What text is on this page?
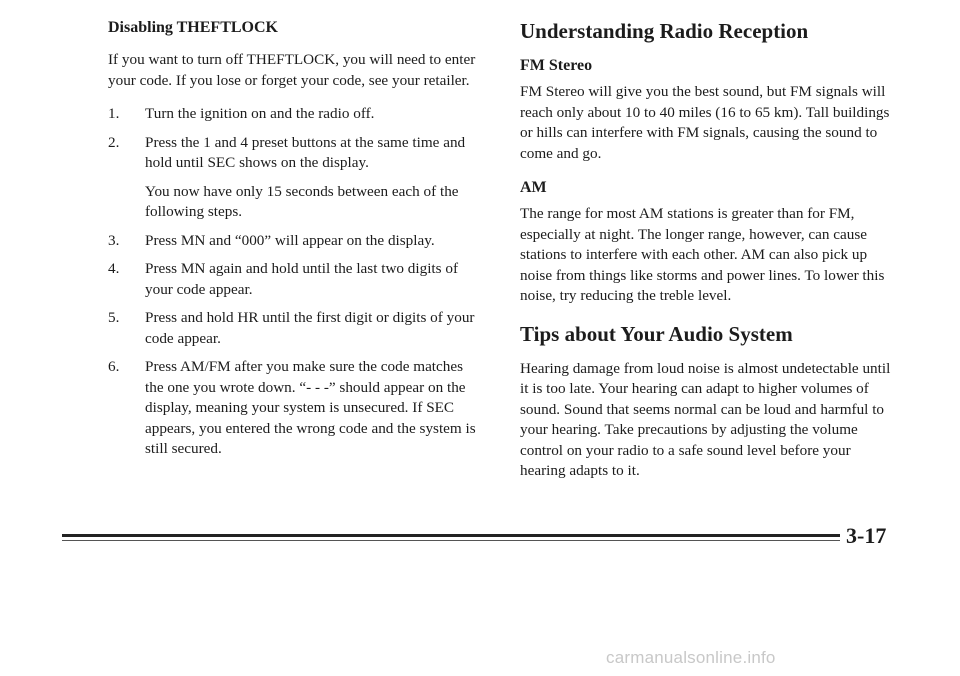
Disabling THEFTLOCK

If you want to turn off THEFTLOCK, you will need to enter your code. If you lose or forget your code, see your retailer.

1. Turn the ignition on and the radio off.
2. Press the 1 and 4 preset buttons at the same time and hold until SEC shows on the display.

You now have only 15 seconds between each of the following steps.

3. Press MN and “000” will appear on the display.
4. Press MN again and hold until the last two digits of your code appear.
5. Press and hold HR until the first digit or digits of your code appear.
6. Press AM/FM after you make sure the code matches the one you wrote down. “- - -” should appear on the display, meaning your system is unsecured. If SEC appears, you entered the wrong code and the system is still secured.
Understanding Radio Reception
FM Stereo

FM Stereo will give you the best sound, but FM signals will reach only about 10 to 40 miles (16 to 65 km). Tall buildings or hills can interfere with FM signals, causing the sound to come and go.

AM

The range for most AM stations is greater than for FM, especially at night. The longer range, however, can cause stations to interfere with each other. AM can also pick up noise from things like storms and power lines. To lower this noise, try reducing the treble level.

Tips about Your Audio System

Hearing damage from loud noise is almost undetectable until it is too late. Your hearing can adapt to higher volumes of sound. Sound that seems normal can be loud and harmful to your hearing. Take precautions by adjusting the volume control on your radio to a safe sound level before your hearing adapts to it.

3-17
carmanualsonline.info
